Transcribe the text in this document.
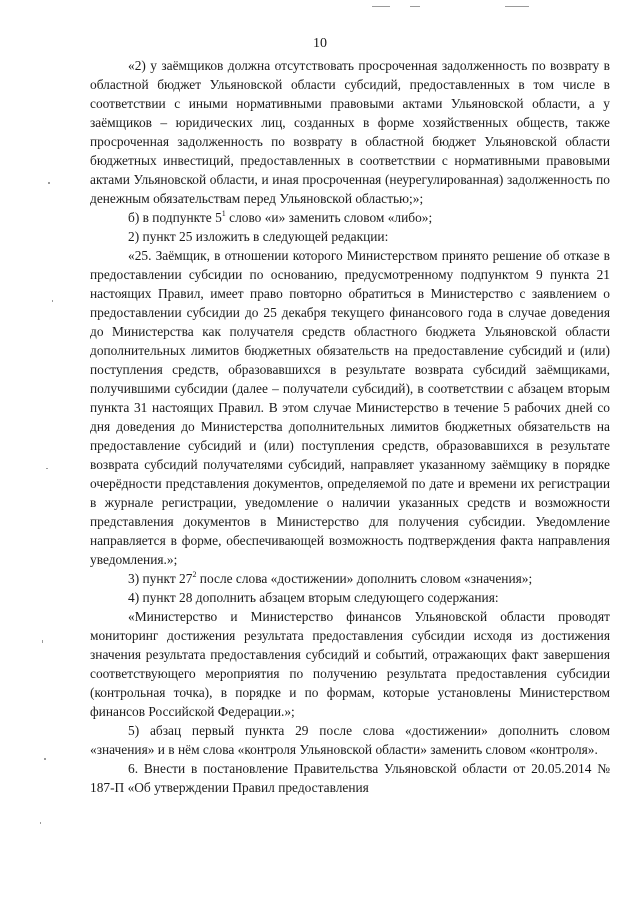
10

«2) у заёмщиков должна отсутствовать просроченная задолженность по возврату в областной бюджет Ульяновской области субсидий, предоставленных в том числе в соответствии с иными нормативными правовыми актами Ульяновской области, а у заёмщиков – юридических лиц, созданных в форме хозяйственных обществ, также просроченная задолженность по возврату в областной бюджет Ульяновской области бюджетных инвестиций, предоставленных в соответствии с нормативными правовыми актами Ульяновской области, и иная просроченная (неурегулированная) задолженность по денежным обязательствам перед Ульяновской областью;»;

б) в подпункте $5^1$ слово «и» заменить словом «либо»;

2) пункт 25 изложить в следующей редакции:

«25. Заёмщик, в отношении которого Министерством принято решение об отказе в предоставлении субсидии по основанию, предусмотренному подпунктом 9 пункта 21 настоящих Правил, имеет право повторно обратиться в Министерство с заявлением о предоставлении субсидии до 25 декабря текущего финансового года в случае доведения до Министерства как получателя средств областного бюджета Ульяновской области дополнительных лимитов бюджетных обязательств на предоставление субсидий и (или) поступления средств, образовавшихся в результате возврата субсидий заёмщиками, получившими субсидии (далее – получатели субсидий), в соответствии с абзацем вторым пункта 31 настоящих Правил. В этом случае Министерство в течение 5 рабочих дней со дня доведения до Министерства дополнительных лимитов бюджетных обязательств на предоставление субсидий и (или) поступления средств, образовавшихся в результате возврата субсидий получателями субсидий, направляет указанному заёмщику в порядке очерёдности представления документов, определяемой по дате и времени их регистрации в журнале регистрации, уведомление о наличии указанных средств и возможности представления документов в Министерство для получения субсидии. Уведомление направляется в форме, обеспечивающей возможность подтверждения факта направления уведомления.»;

3) пункт $27^2$ после слова «достижении» дополнить словом «значения»;

4) пункт 28 дополнить абзацем вторым следующего содержания:

«Министерство и Министерство финансов Ульяновской области проводят мониторинг достижения результата предоставления субсидии исходя из достижения значения результата предоставления субсидий и событий, отражающих факт завершения соответствующего мероприятия по получению результата предоставления субсидии (контрольная точка), в порядке и по формам, которые установлены Министерством финансов Российской Федерации.»;

5) абзац первый пункта 29 после слова «достижении» дополнить словом «значения» и в нём слова «контроля Ульяновской области» заменить словом «контроля».

6. Внести в постановление Правительства Ульяновской области от 20.05.2014 № 187-П «Об утверждении Правил предоставления
